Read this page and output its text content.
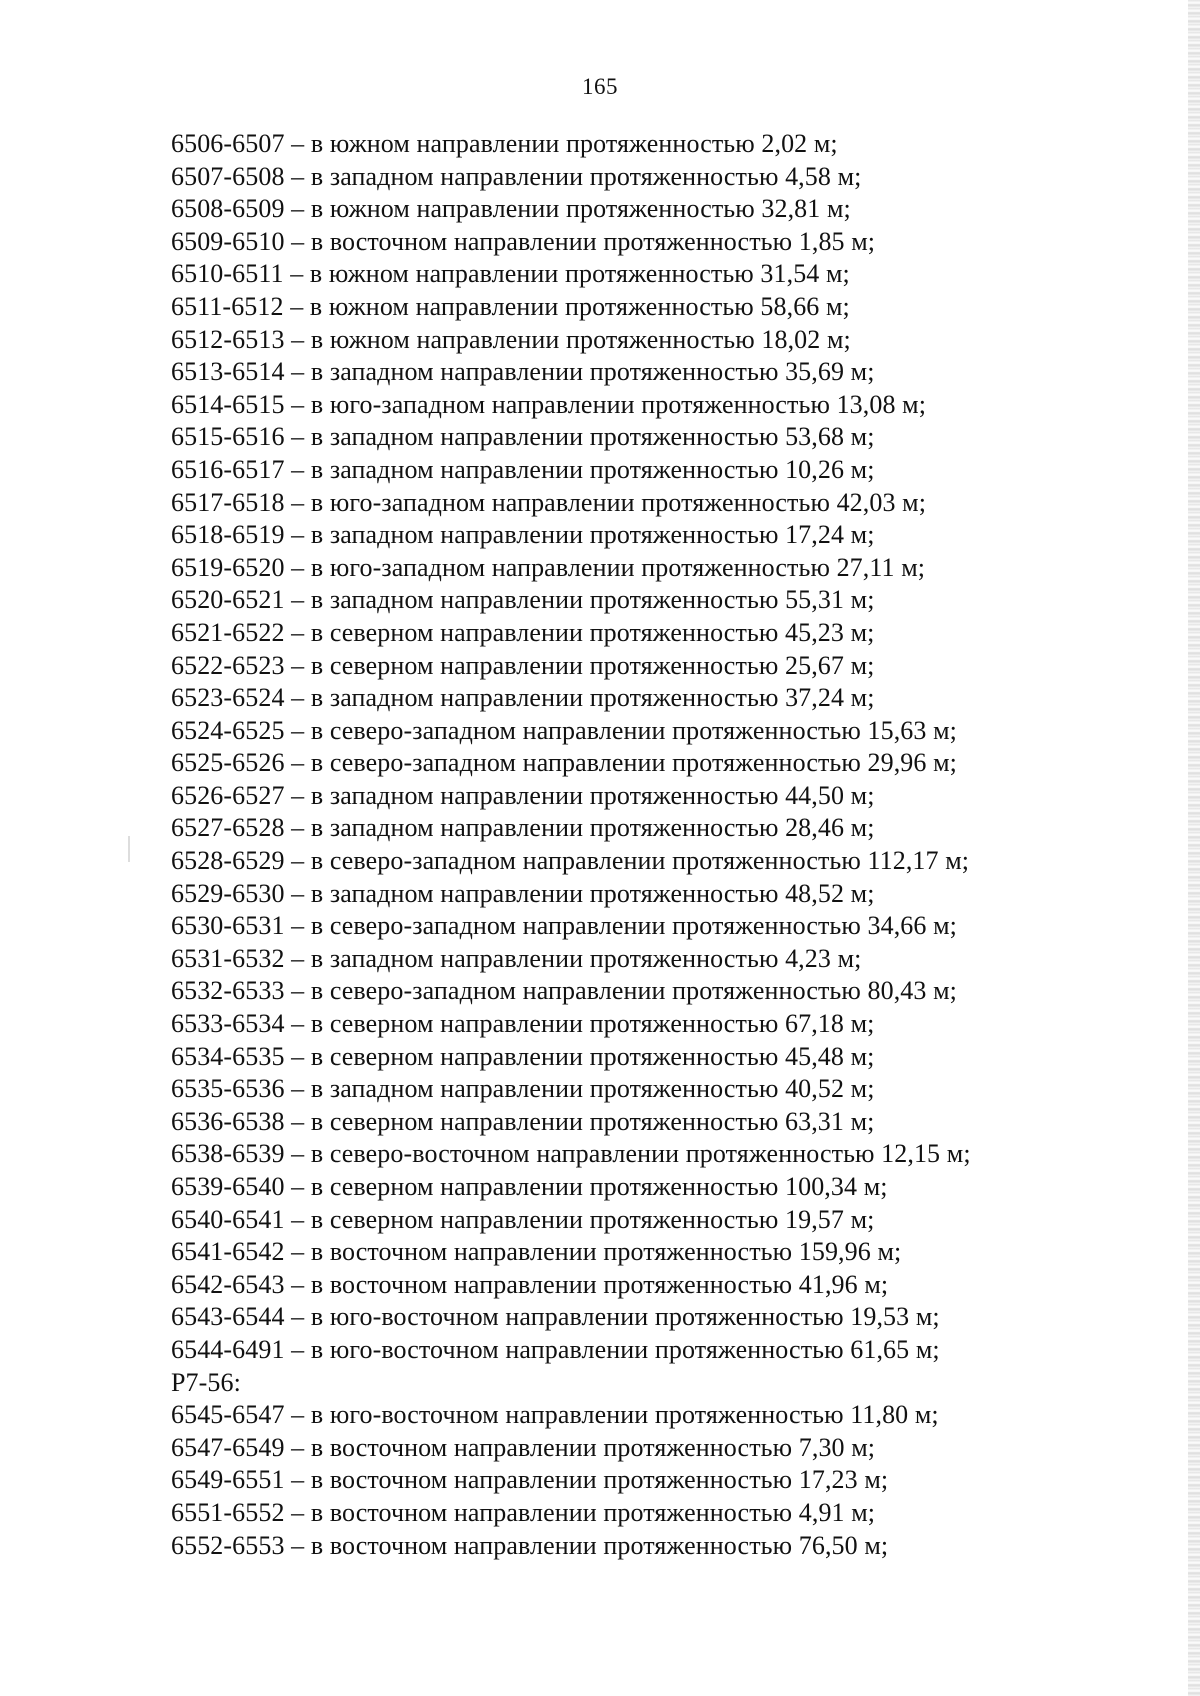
165
6506-6507 – в южном направлении протяженностью 2,02 м;
6507-6508 – в западном направлении протяженностью 4,58 м;
6508-6509 – в южном направлении протяженностью 32,81 м;
6509-6510 – в восточном направлении протяженностью 1,85 м;
6510-6511 – в южном направлении протяженностью 31,54 м;
6511-6512 – в южном направлении протяженностью 58,66 м;
6512-6513 – в южном направлении протяженностью 18,02 м;
6513-6514 – в западном направлении протяженностью 35,69 м;
6514-6515 – в юго-западном направлении протяженностью 13,08 м;
6515-6516 – в западном направлении протяженностью 53,68 м;
6516-6517 – в западном направлении протяженностью 10,26 м;
6517-6518 – в юго-западном направлении протяженностью 42,03 м;
6518-6519 – в западном направлении протяженностью 17,24 м;
6519-6520 – в юго-западном направлении протяженностью 27,11 м;
6520-6521 – в западном направлении протяженностью 55,31 м;
6521-6522 – в северном направлении протяженностью 45,23 м;
6522-6523 – в северном направлении протяженностью 25,67 м;
6523-6524 – в западном направлении протяженностью 37,24 м;
6524-6525 – в северо-западном направлении протяженностью 15,63 м;
6525-6526 – в северо-западном направлении протяженностью 29,96 м;
6526-6527 – в западном направлении протяженностью 44,50 м;
6527-6528 – в западном направлении протяженностью 28,46 м;
6528-6529 – в северо-западном направлении протяженностью 112,17 м;
6529-6530 – в западном направлении протяженностью 48,52 м;
6530-6531 – в северо-западном направлении протяженностью 34,66 м;
6531-6532 – в западном направлении протяженностью 4,23 м;
6532-6533 – в северо-западном направлении протяженностью 80,43 м;
6533-6534 – в северном направлении протяженностью 67,18 м;
6534-6535 – в северном направлении протяженностью 45,48 м;
6535-6536 – в западном направлении протяженностью 40,52 м;
6536-6538 – в северном направлении протяженностью 63,31 м;
6538-6539 – в северо-восточном направлении протяженностью 12,15 м;
6539-6540 – в северном направлении протяженностью 100,34 м;
6540-6541 – в северном направлении протяженностью 19,57 м;
6541-6542 – в восточном направлении протяженностью 159,96 м;
6542-6543 – в восточном направлении протяженностью 41,96 м;
6543-6544 – в юго-восточном направлении протяженностью 19,53 м;
6544-6491 – в юго-восточном направлении протяженностью 61,65 м;
Р7-56:
6545-6547 – в юго-восточном направлении протяженностью 11,80 м;
6547-6549 – в восточном направлении протяженностью 7,30 м;
6549-6551 – в восточном направлении протяженностью 17,23 м;
6551-6552 – в восточном направлении протяженностью 4,91 м;
6552-6553 – в восточном направлении протяженностью 76,50 м;
